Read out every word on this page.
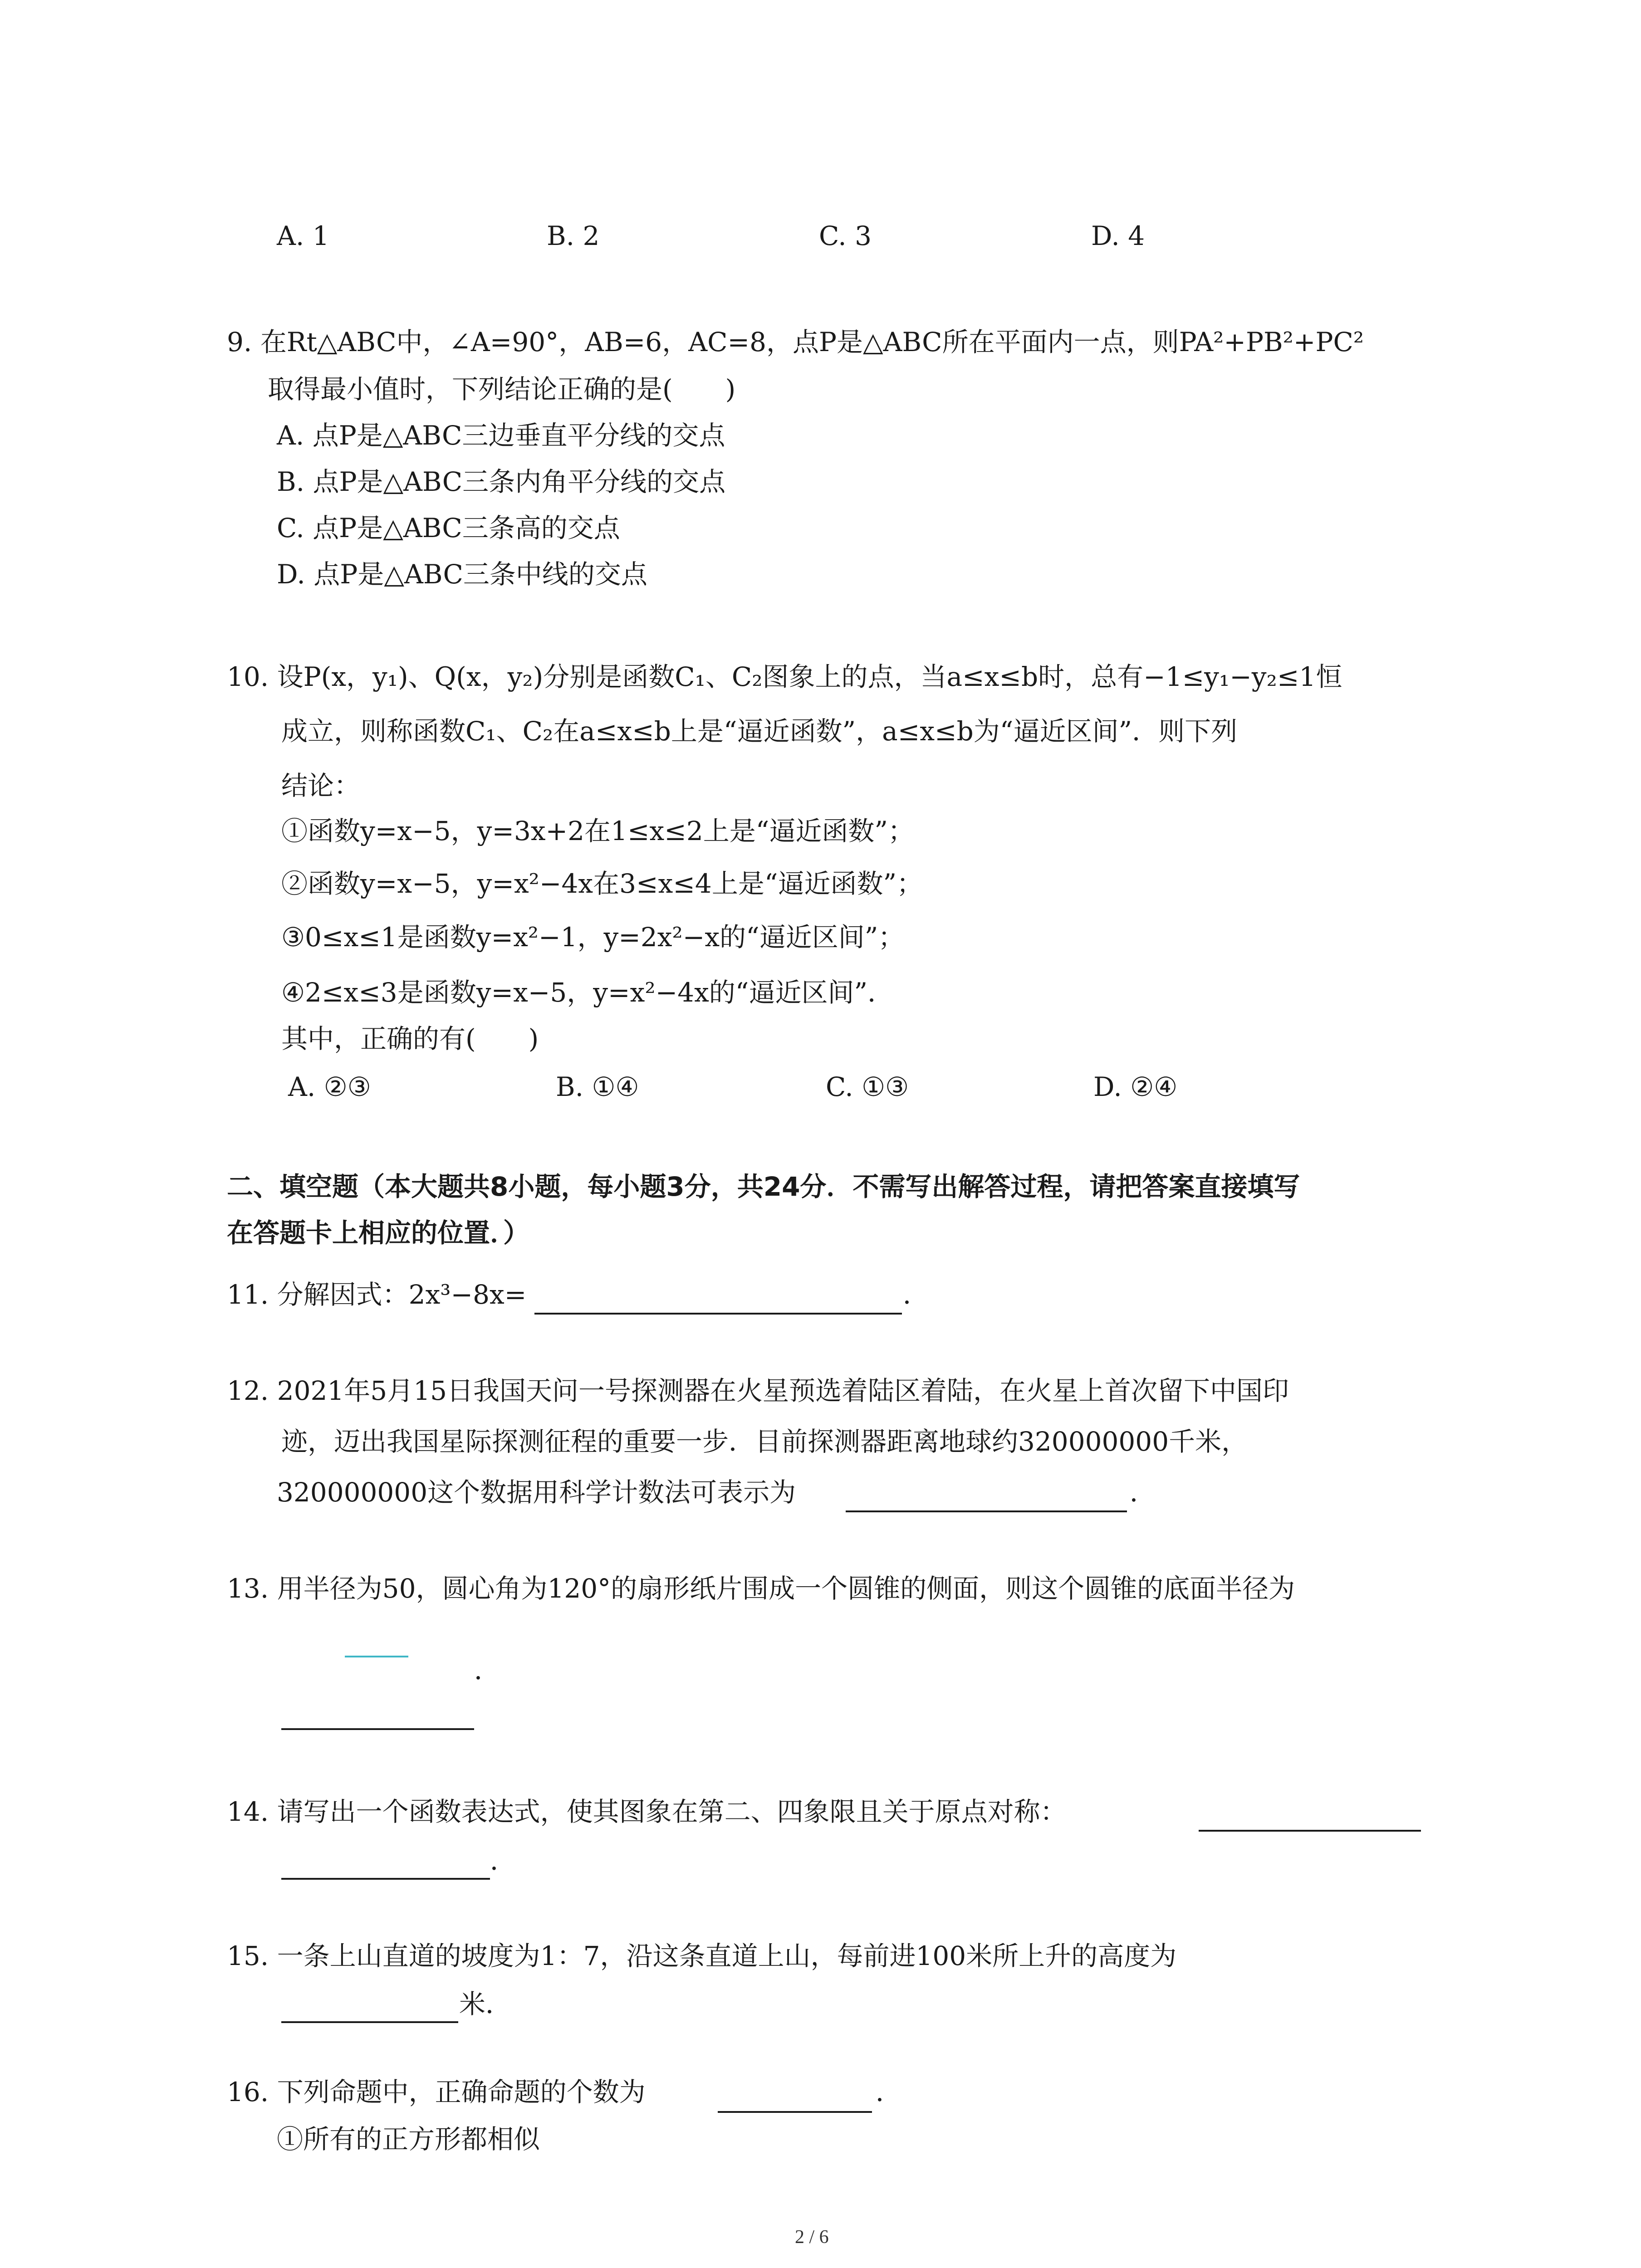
A. 1	B. 2	C. 3	D. 4
9. 在Rt△ABC中，∠A=90°，AB=6，AC=8，点P是△ABC所在平面内一点，则PA²+PB²+PC²
取得最小值时，下列结论正确的是(　　)
A. 点P是△ABC三边垂直平分线的交点
B. 点P是△ABC三条内角平分线的交点
C. 点P是△ABC三条高的交点
D. 点P是△ABC三条中线的交点
10. 设P(x，y₁)、Q(x，y₂)分别是函数C₁、C₂图象上的点，当a≤x≤b时，总有−1≤y₁−y₂≤1恒
成立，则称函数C₁、C₂在a≤x≤b上是“逼近函数”，a≤x≤b为“逼近区间”．则下列
结论：
①函数y=x−5，y=3x+2在1≤x≤2上是“逼近函数”；
②函数y=x−5，y=x²−4x在3≤x≤4上是“逼近函数”；
③0≤x≤1是函数y=x²−1，y=2x²−x的“逼近区间”；
④2≤x≤3是函数y=x−5，y=x²−4x的“逼近区间”．
其中，正确的有(　　)
A. ②③	B. ①④	C. ①③	D. ②④
二、填空题（本大题共8小题，每小题3分，共24分．不需写出解答过程，请把答案直接填写
在答题卡上相应的位置．）
11. 分解因式：2x³−8x=	．
12. 2021年5月15日我国天问一号探测器在火星预选着陆区着陆，在火星上首次留下中国印
迹，迈出我国星际探测征程的重要一步．目前探测器距离地球约320000000千米，
320000000这个数据用科学计数法可表示为	．
13. 用半径为50，圆心角为120°的扇形纸片围成一个圆锥的侧面，则这个圆锥的底面半径为
．
14. 请写出一个函数表达式，使其图象在第二、四象限且关于原点对称：
．
15. 一条上山直道的坡度为1：7，沿这条直道上山，每前进100米所上升的高度为
米．
16. 下列命题中，正确命题的个数为	．
①所有的正方形都相似
2 / 6
